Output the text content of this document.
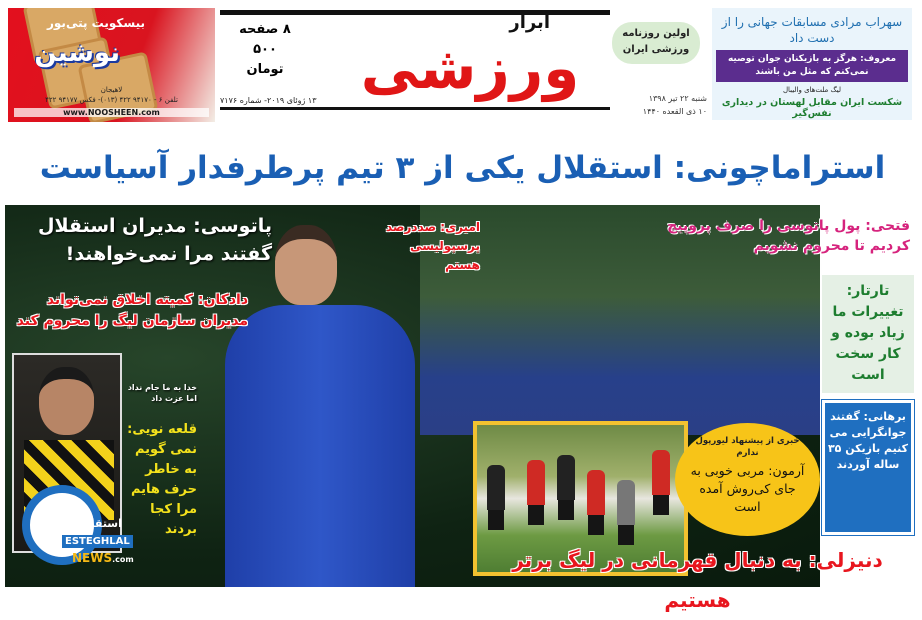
بیسکویت پتی‌بور
نوشین
لاهیجان
تلفن ۶ - ۹۴۱۷۰ ۴۲۲ (۰۱۳)- فکس ۹۴۱۷۷ ۴۲۲
www.NOOSHEEN.com
۸ صفحه
۵۰۰ تومان
۱۳ ژوئای ۲۰۱۹- شماره ۷۱۷۶
ابرار
ورزشی
اولین روزنامه
ورزشی ایران
شنبه ۲۲ تیر ۱۳۹۸
۱۰ ذی القعده ۱۴۴۰
سهراب مرادی مسابقات جهانی را از دست داد
معروف: هرگز به بازیکنان جوان توصیه نمی‌کنم که مثل من باشند
لیگ ملت‌های والیبال
شکست ایران مقابل لهستان در دیداری نفس‌گیر
استراماچونی: استقلال یکی از ۳ تیم پرطرفدار آسیاست
پاتوسی: مدیران استقلال گفتند مرا نمی‌خواهند!
دادکان: کمیته اخلاق نمی‌تواند مدیران سازمان لیگ را محروم کند
امیری: صددرصد پرسپولیسی هستم
فتحی: پول پاتوسی را صرف پروپیچ کردیم تا محروم نشویم
خدا به ما جام نداد اما عزت داد
قلعه نویی: نمی گویم به خاطر حرف هایم مرا کجا بردند
ESTEGHLAL
NEWS.com
استقلال
تارتار: تغییرات ما زیاد بوده و کار سخت است
برهانی: گفتند جوانگرایی می کنیم بازیکن ۳۵ ساله آوردند
خبری از پیشنهاد لیورپول ندارم
آرمون: مربی خوبی به جای کی‌روش آمده است
دنیزلی: به دنبال قهرمانی در لیگ برتر هستیم
